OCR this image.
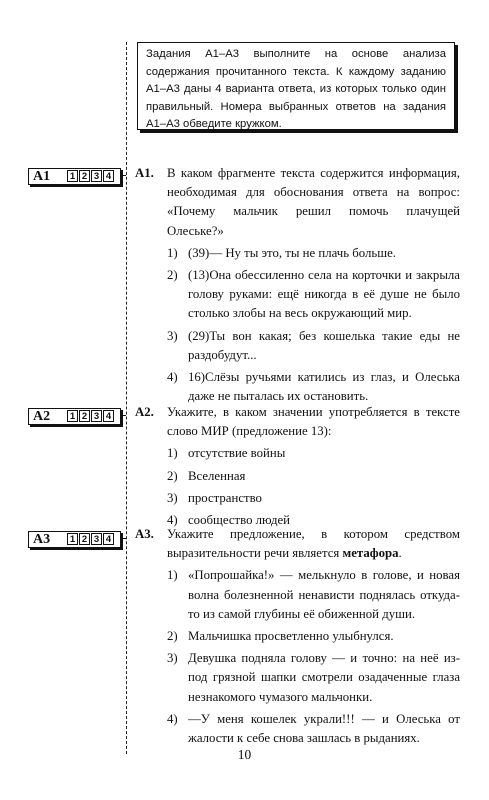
Задания А1–А3 выполните на основе анализа содержания прочитанного текста. К каждому заданию А1–А3 даны 4 варианта ответа, из которых только один правильный. Номера выбранных ответов на задания А1–А3 обведите кружком.
А1 1 2 3 4
А2 1 2 3 4
А3 1 2 3 4
А1. В каком фрагменте текста содержится информация, необходимая для обоснования ответа на вопрос: «Почему мальчик решил помочь плачущей Олеське?»
1) (39)— Ну ты это, ты не плачь больше.
2) (13)Она обессиленно села на корточки и закрыла голову руками: ещё никогда в её душе не было столько злобы на весь окружающий мир.
3) (29)Ты вон какая; без кошелька такие еды не раздобудут...
4) 16)Слёзы ручьями катились из глаз, и Олеська даже не пыталась их остановить.
А2. Укажите, в каком значении употребляется в тексте слово МИР (предложение 13):
1) отсутствие войны
2) Вселенная
3) пространство
4) сообщество людей
А3. Укажите предложение, в котором средством выразительности речи является метафора.
1) «Попрошайка!» — мелькнуло в голове, и новая волна болезненной ненависти поднялась откуда-то из самой глубины её обиженной души.
2) Мальчишка просветленно улыбнулся.
3) Девушка подняла голову — и точно: на неё из-под грязной шапки смотрели озадаченные глаза незнакомого чумазого мальчонки.
4) —У меня кошелек украли!!! — и Олеська от жалости к себе снова зашлась в рыданиях.
10
